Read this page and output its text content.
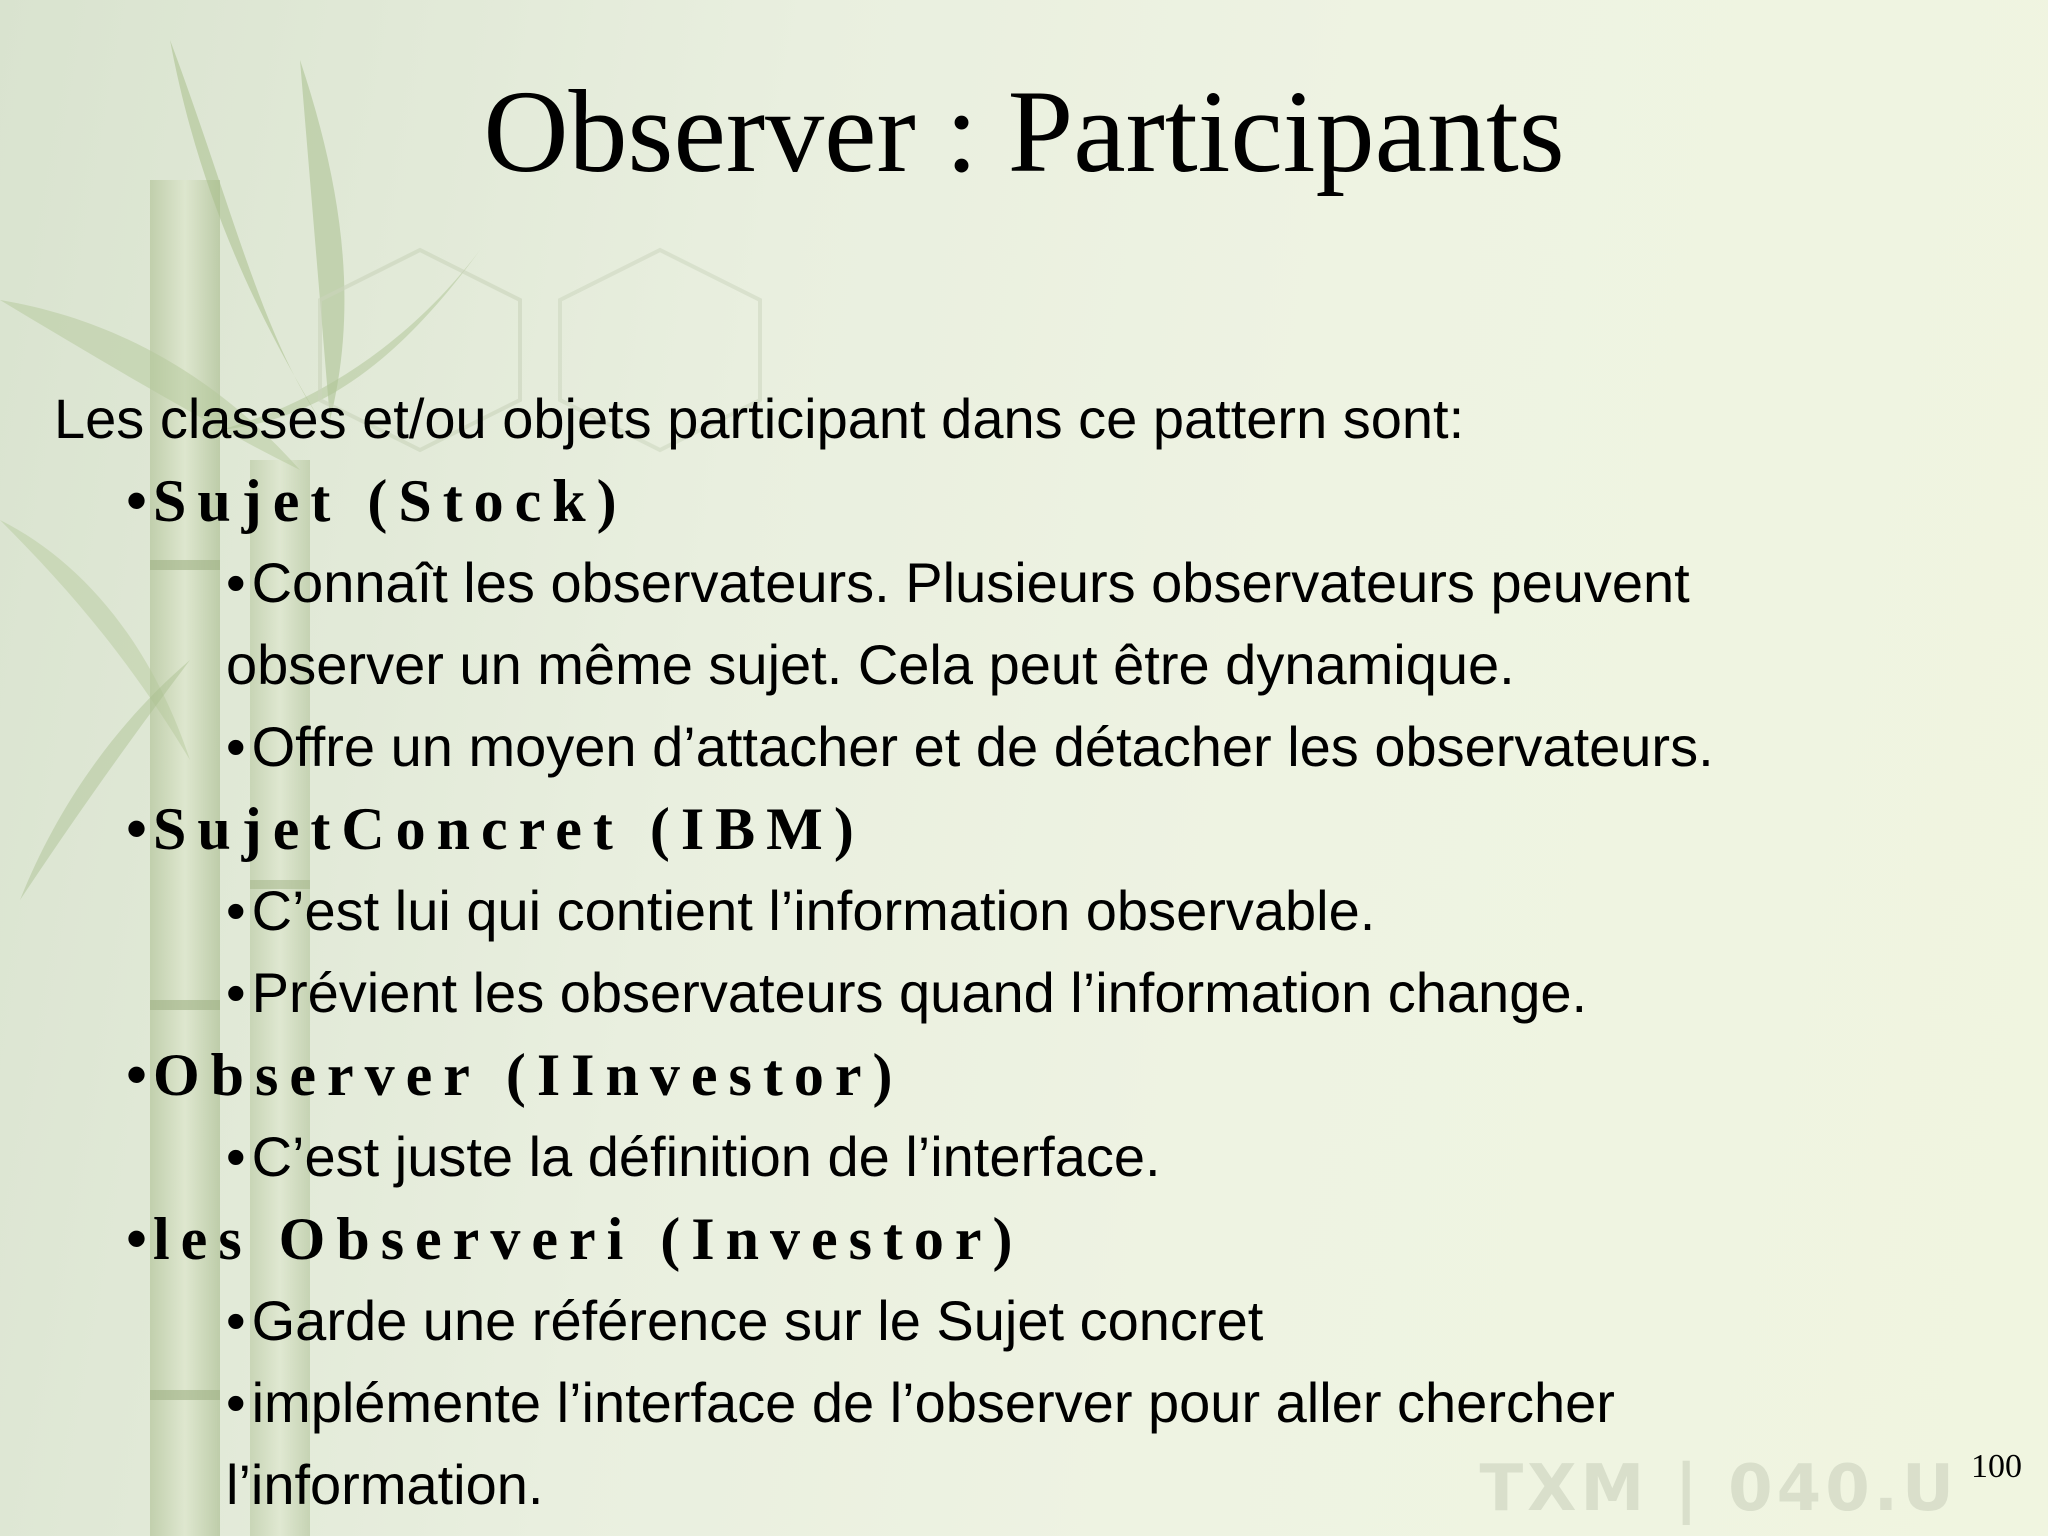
TXM | 040.U
Observer : Participants
Les classes et/ou objets participant dans ce pattern sont:
• Sujet (Stock)
• Connaît les observateurs. Plusieurs observateurs peuvent
observer un même sujet. Cela peut être dynamique.
• Offre un moyen d’attacher et de détacher les observateurs.
• SujetConcret (IBM)
• C’est lui qui contient l’information observable.
• Prévient les observateurs quand l’information change.
• Observer (IInvestor)
• C’est juste la définition de l’interface.
• les Observeri (Investor)
• Garde une référence sur le Sujet concret
• implémente l’interface de l’observer pour aller chercher
l’information.	100
